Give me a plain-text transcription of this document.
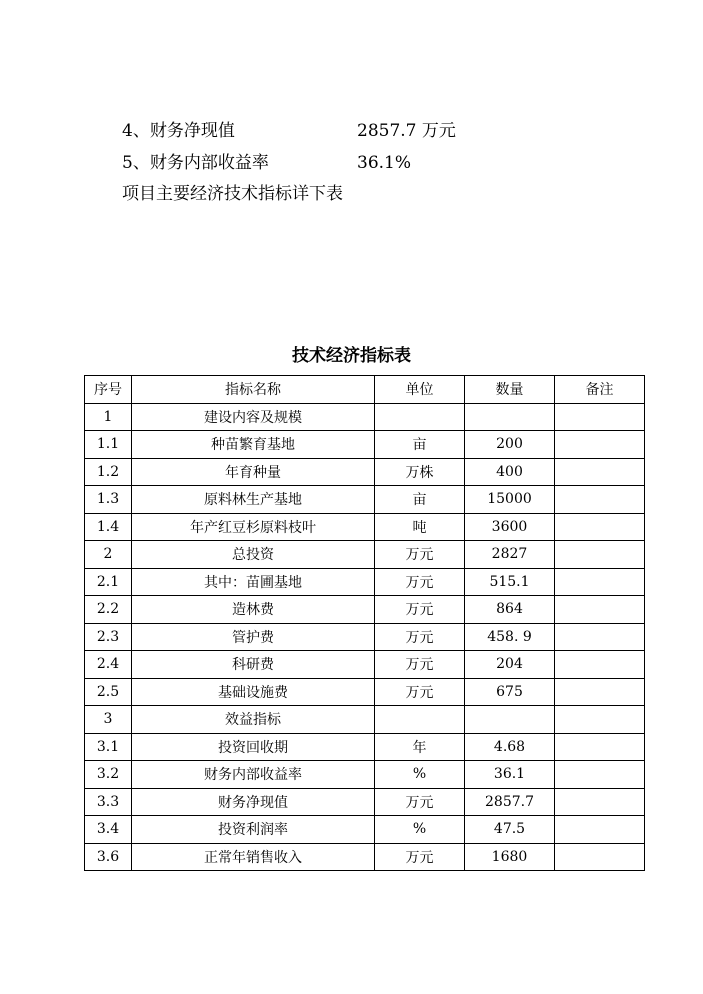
4、财务净现值	2857.7 万元
5、财务内部收益率	36.1%
项目主要经济技术指标详下表
技术经济指标表
序号	指标名称	单位	数量	备注
1	建设内容及规模			
1.1	种苗繁育基地	亩	200	
1.2	年育种量	万株	400	
1.3	原料林生产基地	亩	15000	
1.4	年产红豆杉原料枝叶	吨	3600	
2	总投资	万元	2827	
2.1	其中：苗圃基地	万元	515.1	
2.2	造林费	万元	864	
2.3	管护费	万元	458. 9	
2.4	科研费	万元	204	
2.5	基础设施费	万元	675	
3	效益指标			
3.1	投资回收期	年	4.68	
3.2	财务内部收益率	%	36.1	
3.3	财务净现值	万元	2857.7	
3.4	投资利润率	%	47.5	
3.6	正常年销售收入	万元	1680	
